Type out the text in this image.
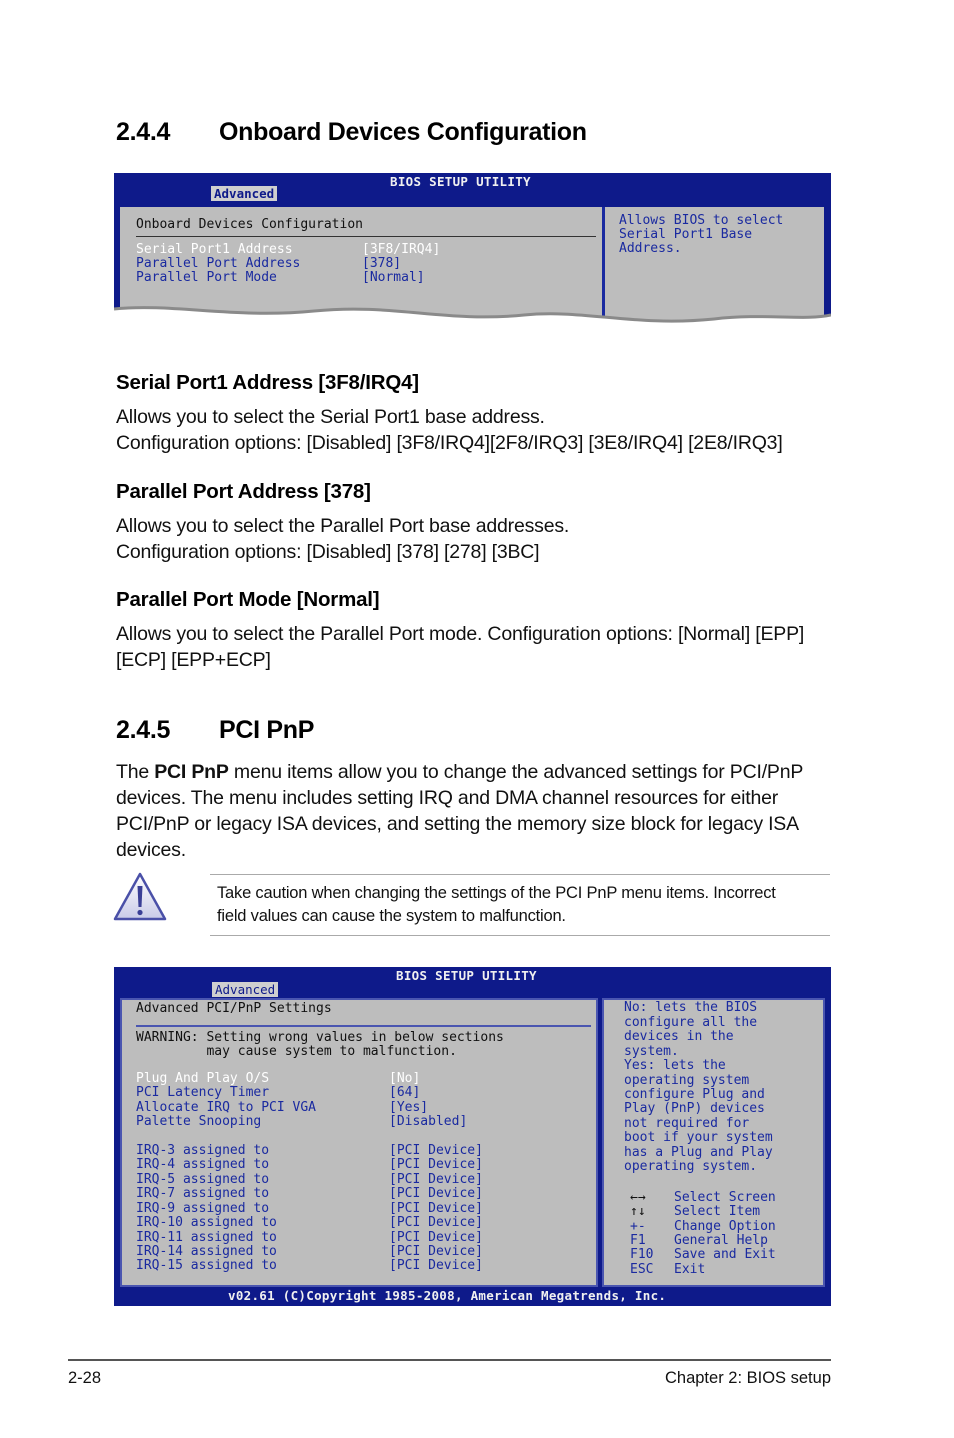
2.4.4 Onboard Devices Configuration
BIOS SETUP UTILITY
Advanced
Onboard Devices Configuration
Serial Port1 Address	[3F8/IRQ4]
Parallel Port Address	[378]
Parallel Port Mode	[Normal]
Allows BIOS to select
Serial Port1 Base
Address.
Serial Port1 Address [3F8/IRQ4]
Allows you to select the Serial Port1 base address.
Configuration options: [Disabled] [3F8/IRQ4][2F8/IRQ3] [3E8/IRQ4] [2E8/IRQ3]
Parallel Port Address [378]
Allows you to select the Parallel Port base addresses.
Configuration options: [Disabled] [378] [278] [3BC]
Parallel Port Mode [Normal]
Allows you to select the Parallel Port mode. Configuration options: [Normal] [EPP]
[ECP] [EPP+ECP]
2.4.5 PCI PnP
The PCI PnP menu items allow you to change the advanced settings for PCI/PnP
devices. The menu includes setting IRQ and DMA channel resources for either
PCI/PnP or legacy ISA devices, and setting the memory size block for legacy ISA
devices.
Take caution when changing the settings of the PCI PnP menu items. Incorrect
field values can cause the system to malfunction.
BIOS SETUP UTILITY
Advanced
Advanced PCI/PnP Settings
WARNING: Setting wrong values in below sections
may cause system to malfunction.
Plug And Play O/S	[No]
PCI Latency Timer	[64]
Allocate IRQ to PCI VGA	[Yes]
Palette Snooping	[Disabled]
IRQ-3 assigned to	[PCI Device]
IRQ-4 assigned to	[PCI Device]
IRQ-5 assigned to	[PCI Device]
IRQ-7 assigned to	[PCI Device]
IRQ-9 assigned to	[PCI Device]
IRQ-10 assigned to	[PCI Device]
IRQ-11 assigned to	[PCI Device]
IRQ-14 assigned to	[PCI Device]
IRQ-15 assigned to	[PCI Device]
No: lets the BIOS
configure all the
devices in the
system.
Yes: lets the
operating system
configure Plug and
Play (PnP) devices
not required for
boot if your system
has a Plug and Play
operating system.
←→ Select Screen
↑↓ Select Item
+- Change Option
F1 General Help
F10 Save and Exit
ESC Exit
v02.61 (C)Copyright 1985-2008, American Megatrends, Inc.
2-28	Chapter 2: BIOS setup
